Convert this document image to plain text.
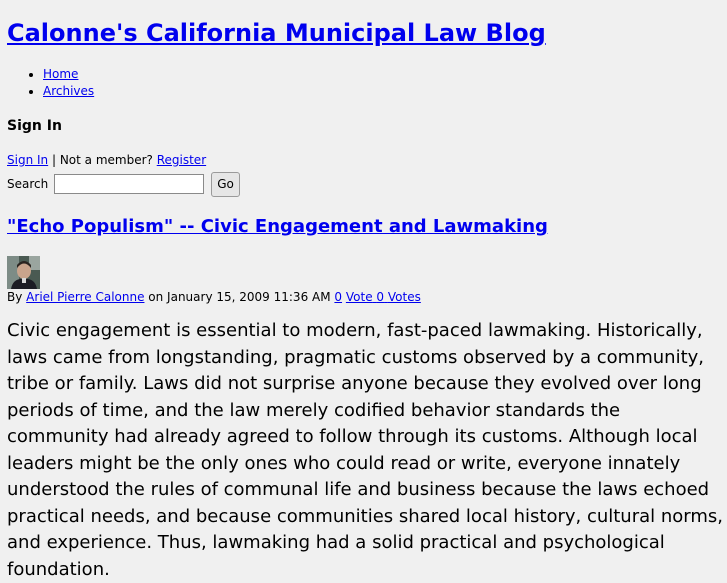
Calonne's California Municipal Law Blog
• Home
• Archives
Sign In
Sign In | Not a member? Register
Search	Go
"Echo Populism" -- Civic Engagement and Lawmaking
By Ariel Pierre Calonne on January 15, 2009 11:36 AM 0 Vote 0 Votes

Civic engagement is essential to modern, fast-paced lawmaking. Historically, laws came from longstanding, pragmatic customs observed by a community, tribe or family. Laws did not surprise anyone because they evolved over long periods of time, and the law merely codified behavior standards the community had already agreed to follow through its customs. Although local leaders might be the only ones who could read or write, everyone innately understood the rules of communal life and business because the laws echoed practical needs, and because communities shared local history, cultural norms, and experience. Thus, lawmaking had a solid practical and psychological foundation.
